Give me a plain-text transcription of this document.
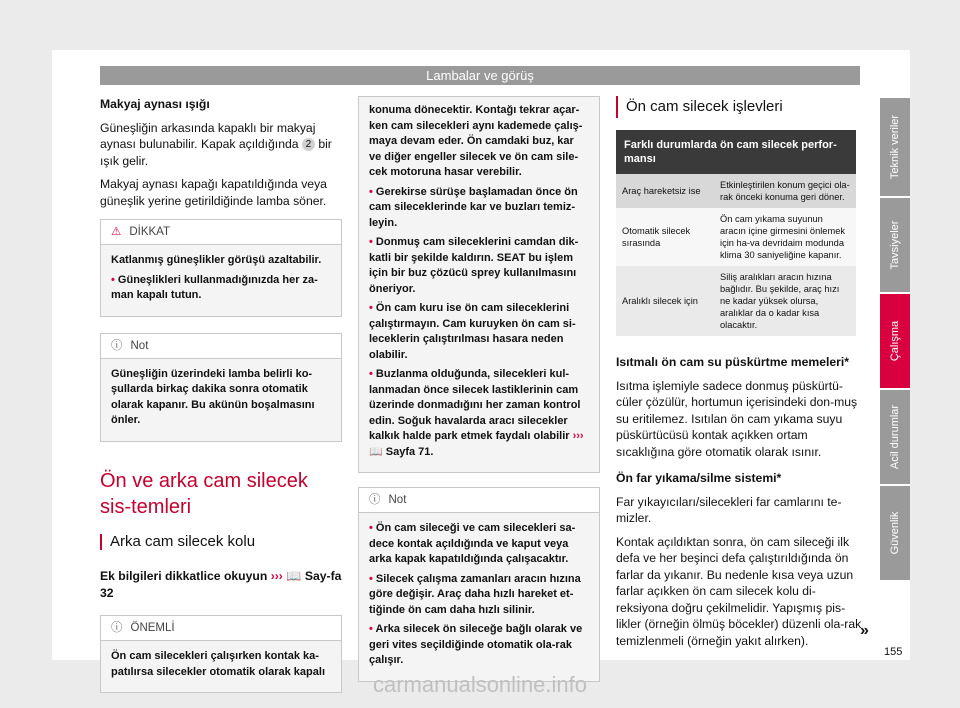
Lambalar ve görüş

Makyaj aynası ışığı

Güneşliğin arkasında kapaklı bir makyaj aynası bulunabilir. Kapak açıldığında 2 bir ışık gelir.

Makyaj aynası kapağı kapatıldığında veya güneşlik yerine getirildiğinde lamba söner.

⚠ DİKKAT

Katlanmış güneşlikler görüşü azaltabilir.

• Güneşlikleri kullanmadığınızda her za-man kapalı tutun.

ⓘ Not

Güneşliğin üzerindeki lamba belirli ko-şullarda birkaç dakika sonra otomatik olarak kapanır. Bu akünün boşalmasını önler.

Ön ve arka cam silecek sis-temleri
Arka cam silecek kolu

Ek bilgileri dikkatlice okuyun ››› 📖 Say-fa 32

ⓘ ÖNEMLİ

Ön cam silecekleri çalışırken kontak ka-patılırsa silecekler otomatik olarak kapalı

konuma dönecektir. Kontağı tekrar açar-ken cam silecekleri aynı kademede çalış-maya devam eder. Ön camdaki buz, kar ve diğer engeller silecek ve ön cam sile-cek motoruna hasar verebilir.

• Gerekirse sürüşe başlamadan önce ön cam sileceklerinde kar ve buzları temiz-leyin.

• Donmuş cam sileceklerini camdan dik-katli bir şekilde kaldırın. SEAT bu işlem için bir buz çözücü sprey kullanılmasını öneriyor.

• Ön cam kuru ise ön cam sileceklerini çalıştırmayın. Cam kuruyken ön cam si-leceklerin çalıştırılması hasara neden olabilir.

• Buzlanma olduğunda, silecekleri kul-lanmadan önce silecek lastiklerinin cam üzerinde donmadığını her zaman kontrol edin. Soğuk havalarda aracı silecekler kalkık halde park etmek faydalı olabilir ››› 📖 Sayfa 71.

ⓘ Not

• Ön cam sileceği ve cam silecekleri sa-dece kontak açıldığında ve kaput veya arka kapak kapatıldığında çalışacaktır.

• Silecek çalışma zamanları aracın hızına göre değişir. Araç daha hızlı hareket et-tiğinde ön cam daha hızlı silinir.

• Arka silecek ön sileceğe bağlı olarak ve geri vites seçildiğinde otomatik ola-rak çalışır.

Ön cam silecek işlevleri
Farklı durumlarda ön cam silecek perfor-mansı	
Araç hareketsiz ise	Etkinleştirilen konum geçici ola-rak önceki konuma geri döner.
Otomatik silecek sırasında	Ön cam yıkama suyunun aracın içine girmesini önlemek için ha-va devridaim modunda klima 30 saniyeliğine kapanır.
Aralıklı silecek için	Siliş aralıkları aracın hızına bağlıdır. Bu şekilde, araç hızı ne kadar yüksek olursa, aralıklar da o kadar kısa olacaktır.

Isıtmalı ön cam su püskürtme memeleri*

Isıtma işlemiyle sadece donmuş püskürtü-cüler çözülür, hortumun içerisindeki don-muş su eritilemez. Isıtılan ön cam yıkama suyu püskürtücüsü kontak açıkken ortam sıcaklığına göre otomatik olarak ısınır.

Ön far yıkama/silme sistemi*

Far yıkayıcıları/silecekleri far camlarını te-mizler.

Kontak açıldıktan sonra, ön cam sileceği ilk defa ve her beşinci defa çalıştırıldığında ön farlar da yıkanır. Bu nedenle kısa veya uzun farlar açıkken ön cam silecek kolu di-reksiyona doğru çekilmelidir. Yapışmış pis-likler (örneğin ölmüş böcekler) düzenli ola-rak temizlenmeli (örneğin yakıt alırken).

Teknik veriler
Tavsiyeler
Çalışma
Acil durumlar
Güvenlik
»
155
carmanualsonline.info
